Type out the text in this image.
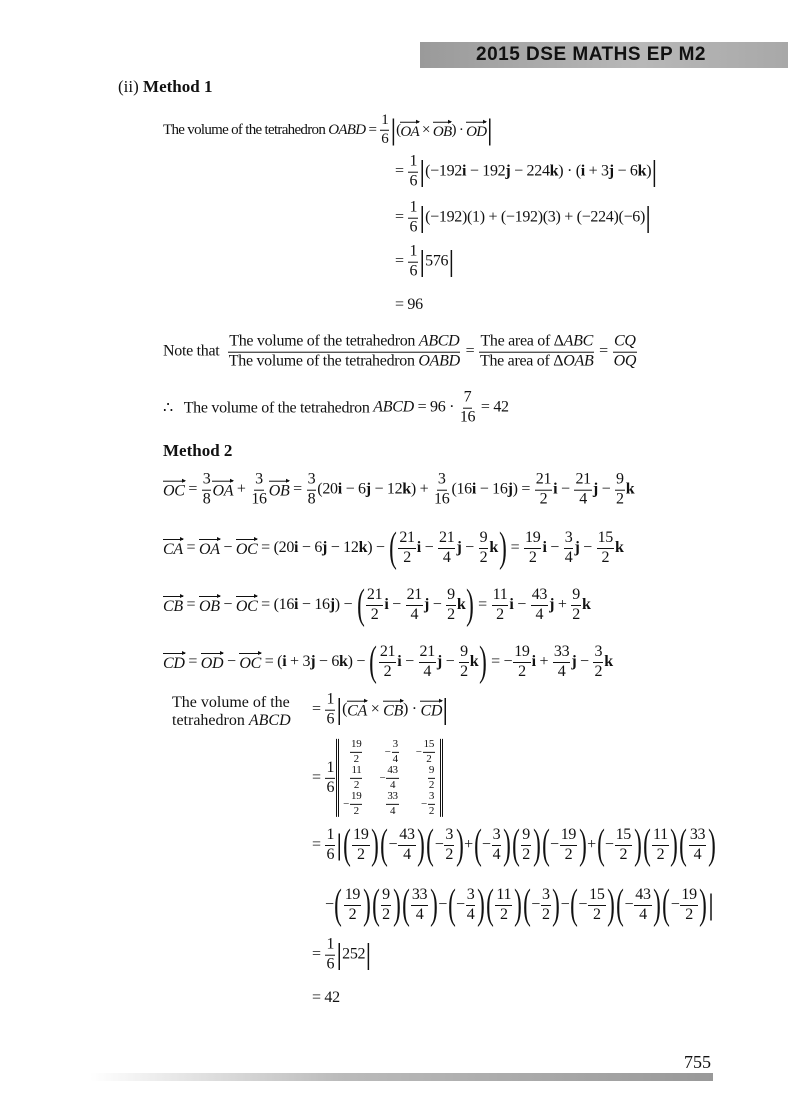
2015 DSE MATHS EP M2
(ii)
Method 1
The volume of the tetrahedron OABD = $\frac{1}{6}$ | ( OA × OB ) · OD |
= $\frac{1}{6}$ | (−192 i − 192 j − 224 k ) · ( i + 3 j − 6 k ) |
= $\frac{1}{6}$ | (−192)(1) + (−192)(3) + (−224)(−6) |
= $\frac{1}{6}$ | 576 |
= 96
Note that
The volume of the tetrahedron ABCD
The volume of the tetrahedron OABD
=
The area of ΔABC
The area of ΔOAB
= $\frac{CQ}{OQ}$
∴   The volume of the tetrahedron ABCD = $96 \cdot \frac{7}{16} = 42$
OC = $\frac{3}{8}$ OA + $\frac{3}{16}$ OB = $\frac{3}{8} (20$ i − 6 j − 12 k ) + $\frac{3}{16} (16$ i − 16 j ) = $\frac{21}{2}$ $i - \frac{21}{4}$ $j - \frac{9}{2}$ k
CA = OA − OC = (20 i − 6 j − 12 k ) − ( $\frac{21}{2}$ $i - \frac{21}{4}$ $j - \frac{9}{2}$ k ) = $\frac{19}{2}$ $i - \frac{3}{4}$ $j - \frac{15}{2}$ k
CB = OB − OC = (16 i − 16 j ) − ( $\frac{21}{2}$ $i - \frac{21}{4}$ $j - \frac{9}{2}$ k ) = $\frac{11}{2}$ $i - \frac{43}{4}$ $j + \frac{9}{2}$ k
CD = OD − OC = ( i + 3 j − 6 k ) − ( $\frac{21}{2}$ $i - \frac{21}{4}$ $j - \frac{9}{2}$ k ) = − $\frac{19}{2}$ $i + \frac{33}{4}$ $j - \frac{3}{2}$ k
= $\frac{1}{6}$ | ( CA × CB ) · CD |
= $\frac{1}{6}$
$\frac{19}{2} - \frac{3}{4} - \frac{15}{2}$
$\frac{11}{2} - \frac{43}{4}$	$\frac{9}{2}$
− $\frac{19}{2} \frac{33}{4} - \frac{3}{2}$
= $\frac{1}{6}$ | ( $\frac{19}{2}$ ) ( − $\frac{43}{4}$ ) ( − $\frac{3}{2}$ ) + ( − $\frac{3}{4}$ ) ( $\frac{9}{2}$ ) ( − $\frac{19}{2}$ ) + ( − $\frac{15}{2}$ ) ( $\frac{11}{2}$ ) ( $\frac{33}{4}$ )
− ( $\frac{19}{2}$ ) ( $\frac{9}{2}$ ) ( $\frac{33}{4}$ ) − ( − $\frac{3}{4}$ ) ( $\frac{11}{2}$ ) ( − $\frac{3}{2}$ ) − ( − $\frac{15}{2}$ ) ( − $\frac{43}{4}$ ) ( − $\frac{19}{2}$ ) |
= $\frac{1}{6}$ | 252 |
= 42
Method 2
The volume of the
tetrahedron ABCD
755
